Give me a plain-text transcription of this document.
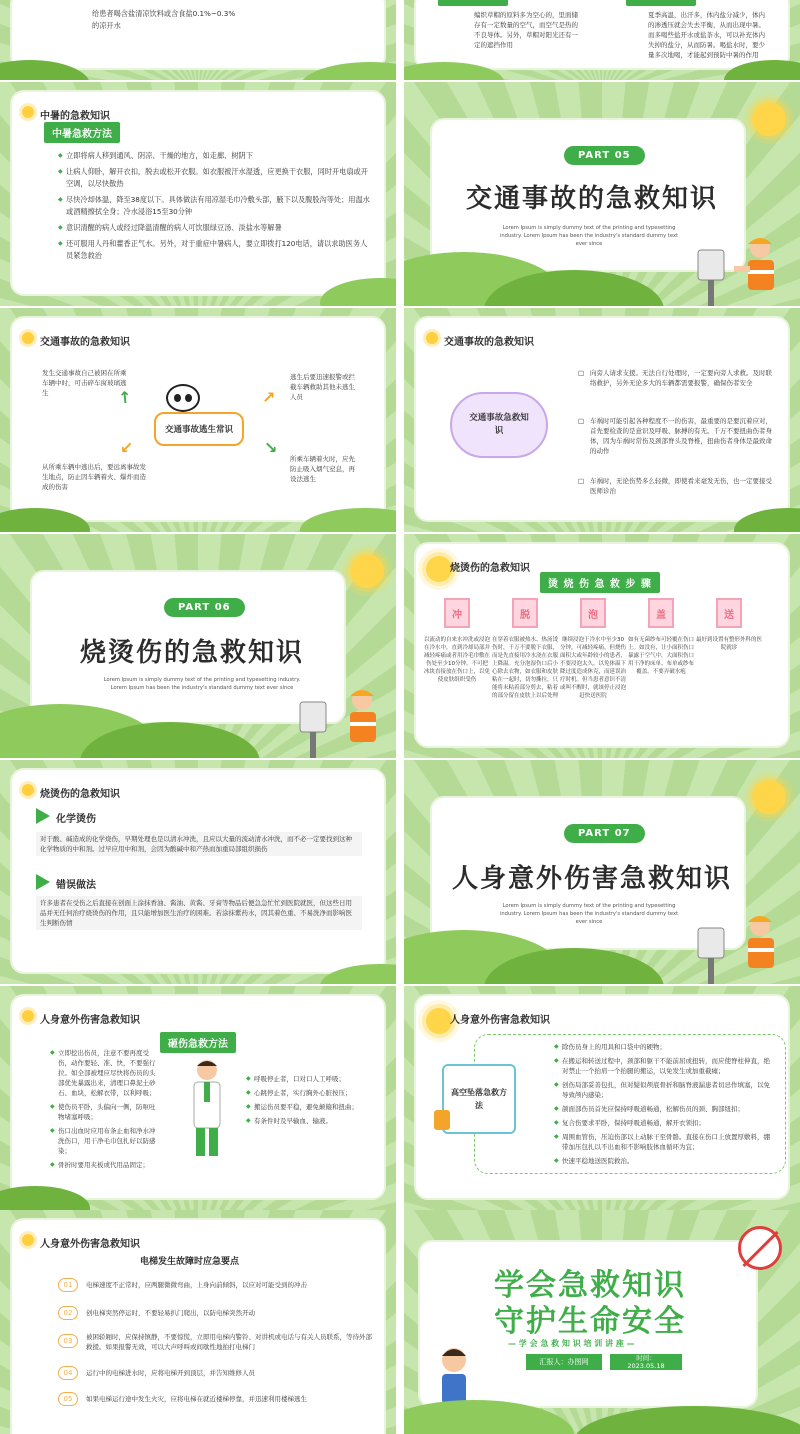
给患者喝含盐清凉饮料或含食盐0.1%~0.3%的凉开水
编织草帽的原料多为空心的，里面储存有一定数量的空气，而空气是热的不良导体。另外，草帽对阳光还有一定的遮挡作用
夏季高温，出汗多，体内盐分减少，体内的渗透压就会失去平衡，从而出现中暑。而多喝些盐开水或盐茶水，可以补充体内失掉的盐分，从而防暑。喝盐水时，要少量多次地喝，才能起到预防中暑的作用
中暑的急救知识
中暑急救方法
◆ 立即将病人移到通风、阴凉、干燥的地方，如走廊、树阴下
◆ 让病人仰卧，解开衣扣，脱去或松开衣服。如衣服被汗水湿透，应更换干衣服，同时开电扇或开空调，以尽快散热
◆ 尽快冷却体温，降至38度以下。具体做法有用凉湿毛巾冷敷头部，腋下以及腹股沟等处；用温水或酒精擦拭全身；冷水浸浴15至30分钟
◆ 意识清醒的病人或经过降温清醒的病人可饮服绿豆汤、淡盐水等解暑
◆ 还可服用人丹和藿香正气水。另外，对于重症中暑病人，要立即拨打120电话，请以求助医务人员紧急救治
PART 05
交通事故的急救知识
Lorem Ipsum is simply dummy text of the printing and typesetting industry. Lorem Ipsum has been the industry's standard dummy text ever since
交通事故的急救知识
发生交通事故自己被困在所乘车辆中时，可击碎车窗玻璃逃生
逃生后要迅速报警或拦截车辆救助其他未逃生人员
从所乘车辆中逃出后，要远离事故发生地点，防止因车辆着火、爆炸而造成的伤害
所乘车辆着火时，应先防止吸入烟气窒息，再设法逃生
交通事故逃生常识
↖	↗
↙	↘
交通事故的急救知识
交通事故急救知识
□ 向旁人请求支援。无法自行处理时，一定要向旁人求救。及时联络救护，另外无论多大的车辆都需要报警，确保伤者安全
□ 车祸时可能引起各种程度不一的伤害，最重要的是要沉着应对，首先要检查的是意识及呼吸、脉搏的有无。千万不要扭曲伤者身体，因为车祸时常伤及颈部脊头及脊椎，扭曲伤者身体是最致命的动作
□ 车祸时，无论伤势多么轻微，即使看来毫发无伤，也一定要接受医师诊治
PART 06
烧烫伤的急救知识
Lorem Ipsum is simply dummy text of the printing and typesetting industry. Lorem Ipsum has been the industry's standard dummy text ever since
烧烫伤的急救知识
烫 烧 伤 急 救 步 骤
冲
以流动的自来水冲洗或浸泡在冷水中，直到冷却局部并减轻疼痛或者用冷毛巾敷在伤处至少10分钟。不可把冰块直接放在伤口上，以免使皮肤组织受伤
脱
在穿着衣服被热水、热汤烫伤时，千万不要脱下衣服，而是先直接用冷水浇在衣服上降温。充分泡湿伤口后小心除去衣物，如衣服和皮肤粘在一起时，切勿撕拉，只能将未粘着部分剪去，粘着的部分留在皮肤上以后处理
泡
继续浸泡于冷水中至少30分钟，可减轻疼痛。但烧伤面积大或年龄较小的患者，不要浸泡太久，以免体温下降过度造成休克，而延误治疗时机。但当患者意识不清或叫不醒时，就该停止浸泡赶快送医院
盖
如有无菌纱布可轻覆在伤口上。如没有，让小面积伤口暴露于空气中，大面积伤口用干净的床单、布单或纱布覆盖。不要弄破水疱
送
最好到设置有整形外科的医院就诊
烧烫伤的急救知识
化学烫伤
对于酸、碱造成的化学烧伤，早期处理也是以清水冲洗，且应以大量的流动清水冲洗，而不必一定要找到这种化学物质的中和剂。过早应用中和剂，会因为酸碱中和产热而加重局部组织损伤
错误做法
许多患者在受伤之后直接在创面上涂抹香油、酱油、黄酱、牙膏等物品后便急急忙忙到医院就医，但这些日用品并无任何治疗烧烫伤的作用，且只能增加医生治疗的困难。若涂抹紫药水，因其着色重、不易洗净而影响医生判断伤情
PART 07
人身意外伤害急救知识
Lorem Ipsum is simply dummy text of the printing and typesetting industry. Lorem Ipsum has been the industry's standard dummy text ever since
人身意外伤害急救知识
砸伤急救方法
◆ 立即挖出伤员，注意不要再度受伤，动作要轻、准、快，不要强行拉。如全部被埋应尽快将伤员的头部优先暴露出来，清理口鼻泥土砂石、血块，松解衣带，以利呼吸；
◆ 使伤员平卧，头偏向一侧，防呕吐物堵塞呼吸；
◆ 伤口出血时应用布条止血和净水冲洗伤口，用干净毛巾包扎好以防感染；
◆ 骨折时要用夹板或代用品固定；
◆ 呼吸停止者，口对口人工呼吸；
◆ 心跳停止者，实行胸外心脏按压；
◆ 搬运伤员要平稳，避免颠簸和扭曲；
◆ 有条件时及早输血、输液。
人身意外伤害急救知识
高空坠落急救方法
◆ 除伤员身上的用具和口袋中的硬物；
◆ 在搬运和转送过程中，颈部和躯干不能前屈或扭转，而应使脊柱伸直，绝对禁止一个抬肩一个抬腿的搬运，以免发生或加重截瘫；
◆ 创伤局部妥善包扎，但对疑似颅底骨折和脑脊液漏患者切忌作填塞，以免导致颅内感染；
◆ 颌面部伤员首先应保持呼吸道畅通，松解伤员的颈、胸部纽扣；
◆ 复合伤要求平卧，保持呼吸道畅通，解开衣领扣；
◆ 周围血管伤，压迫伤部以上动脉干至骨骼。直接在伤口上放置厚敷料，绷带加压包扎以不出血和不影响肢体血循环为宜；
◆ 快速平稳地送医院救治。
人身意外伤害急救知识
电梯发生故障时应急要点
01	电梯速度不正常时，应两腿微微弯曲，上身向前倾斜，以应对可能受到的冲击
02	创电梯突然停运时，不要轻易扒门爬出，以防电梯突然开动
03	被困轿厢时，应保持镇静，不要惊慌，立即用电梯内警铃、对讲机或电话与有关人员联系，等待外部救援。如果报警无效，可以大声呼叫或间歇性地拍打电梯门
04	运行中的电梯进水时，应将电梯开到顶层，并告知维修人员
05	如果电梯运行途中发生火灾，应将电梯在就近楼梯停靠，并迅速利用楼梯逃生
学会急救知识
守护生命安全
— 学 会 急 救 知 识 培 训 讲 座 —
汇报人：办图网	时间：
2023.05.18
